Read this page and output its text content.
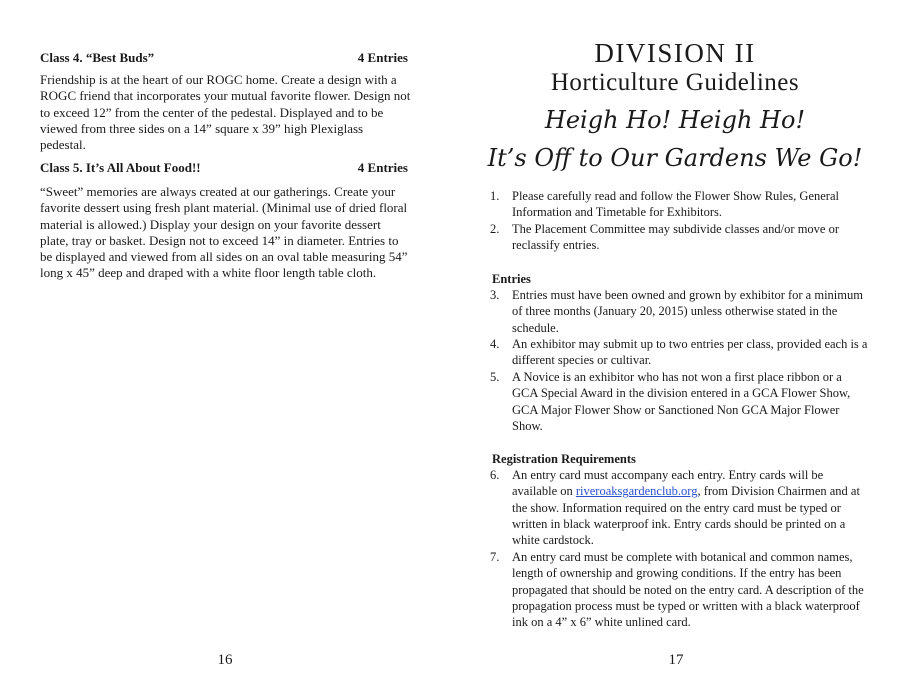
Class 4. “Best Buds”	4 Entries
Friendship is at the heart of our ROGC home. Create a design with a ROGC friend that incorporates your mutual favorite flower. Design not to exceed 12” from the center of the pedestal. Displayed and to be viewed from three sides on a 14” square x 39” high Plexiglass pedestal.
Class 5. It’s All About Food!!	4 Entries
“Sweet” memories are always created at our gatherings. Create your favorite dessert using fresh plant material. (Minimal use of dried floral material is allowed.) Display your design on your favorite dessert plate, tray or basket. Design not to exceed 14” in diameter. Entries to be displayed and viewed from all sides on an oval table measuring 54” long x 45” deep and draped with a white floor length table cloth.
16
DIVISION II
Horticulture Guidelines
Heigh Ho! Heigh Ho!
It’s Off to Our Gardens We Go!
1.	Please carefully read and follow the Flower Show Rules, General Information and Timetable for Exhibitors.
2.	The Placement Committee may subdivide classes and/or move or reclassify entries.
Entries
3.	Entries must have been owned and grown by exhibitor for a minimum of three months (January 20, 2015) unless otherwise stated in the schedule.
4.	An exhibitor may submit up to two entries per class, provided each is a different species or cultivar.
5.	A Novice is an exhibitor who has not won a first place ribbon or a GCA Special Award in the division entered in a GCA Flower Show, GCA Major Flower Show or Sanctioned Non GCA Major Flower Show.
Registration Requirements
6.	An entry card must accompany each entry. Entry cards will be available on riveroaksgardenclub.org, from Division Chairmen and at the show. Information required on the entry card must be typed or written in black waterproof ink. Entry cards should be printed on a white cardstock.
7.	An entry card must be complete with botanical and common names, length of ownership and growing conditions. If the entry has been propagated that should be noted on the entry card. A description of the propagation process must be typed or written with a black waterproof ink on a 4” x 6” white unlined card.
17
